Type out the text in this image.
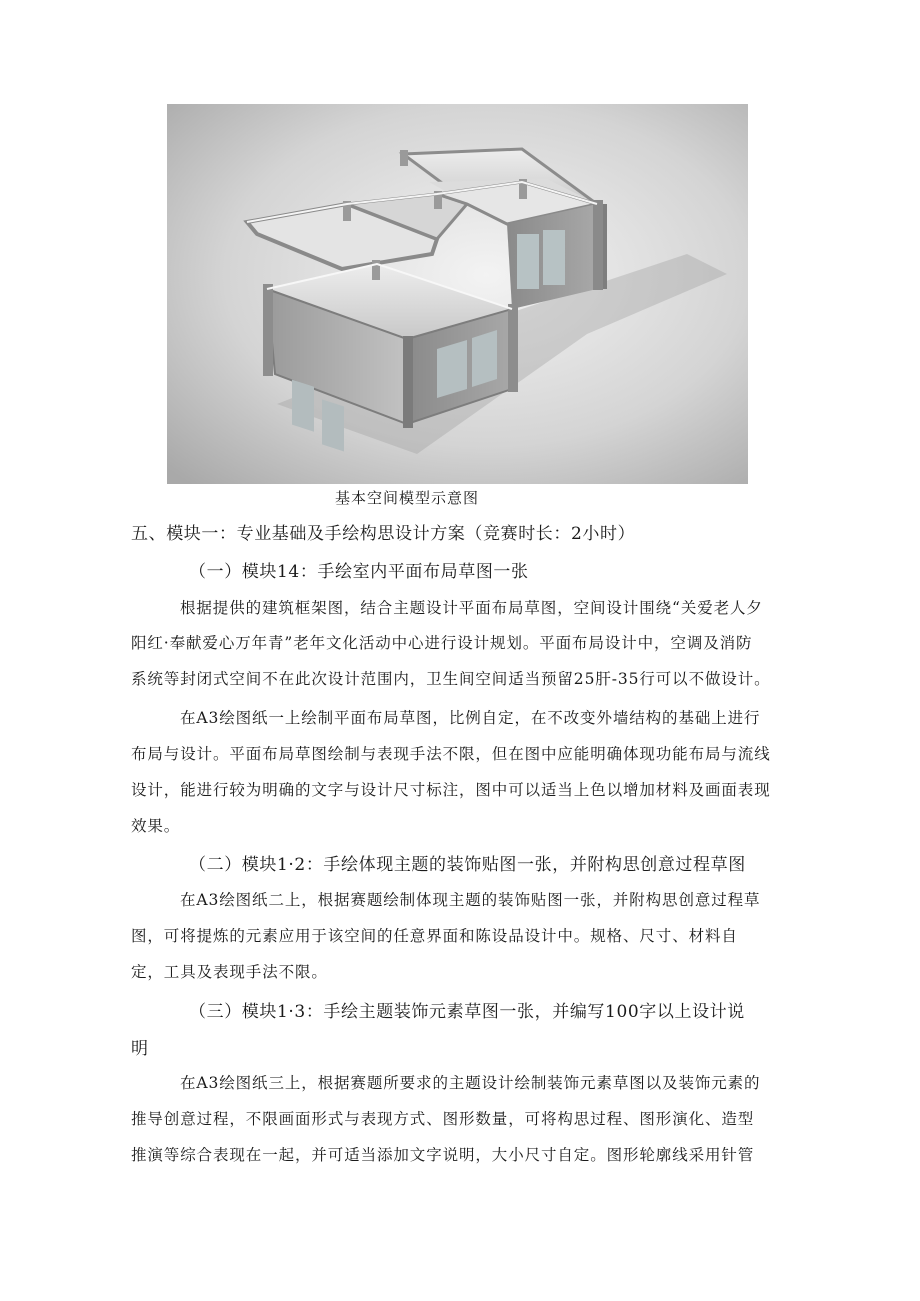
基本空间模型示意图
五、模块一：专业基础及手绘构思设计方案（竞赛时长：2小时）
（一）模块14：手绘室内平面布局草图一张
根据提供的建筑框架图，结合主题设计平面布局草图，空间设计围绕“关爱老人夕
阳红·奉献爱心万年青”老年文化活动中心进行设计规划。平面布局设计中，空调及消防
系统等封闭式空间不在此次设计范围内，卫生间空间适当预留25肝-35行可以不做设计。
在A3绘图纸一上绘制平面布局草图，比例自定，在不改变外墙结构的基础上进行
布局与设计。平面布局草图绘制与表现手法不限，但在图中应能明确体现功能布局与流线
设计，能进行较为明确的文字与设计尺寸标注，图中可以适当上色以增加材料及画面表现
效果。
（二）模块1·2：手绘体现主题的装饰贴图一张，并附构思创意过程草图
在A3绘图纸二上，根据赛题绘制体现主题的装饰贴图一张，并附构思创意过程草
图，可将提炼的元素应用于该空间的任意界面和陈设品设计中。规格、尺寸、材料自
定，工具及表现手法不限。
（三）模块1·3：手绘主题装饰元素草图一张，并编写100字以上设计说
明
在A3绘图纸三上，根据赛题所要求的主题设计绘制装饰元素草图以及装饰元素的
推导创意过程，不限画面形式与表现方式、图形数量，可将构思过程、图形演化、造型
推演等综合表现在一起，并可适当添加文字说明，大小尺寸自定。图形轮廓线采用针管
